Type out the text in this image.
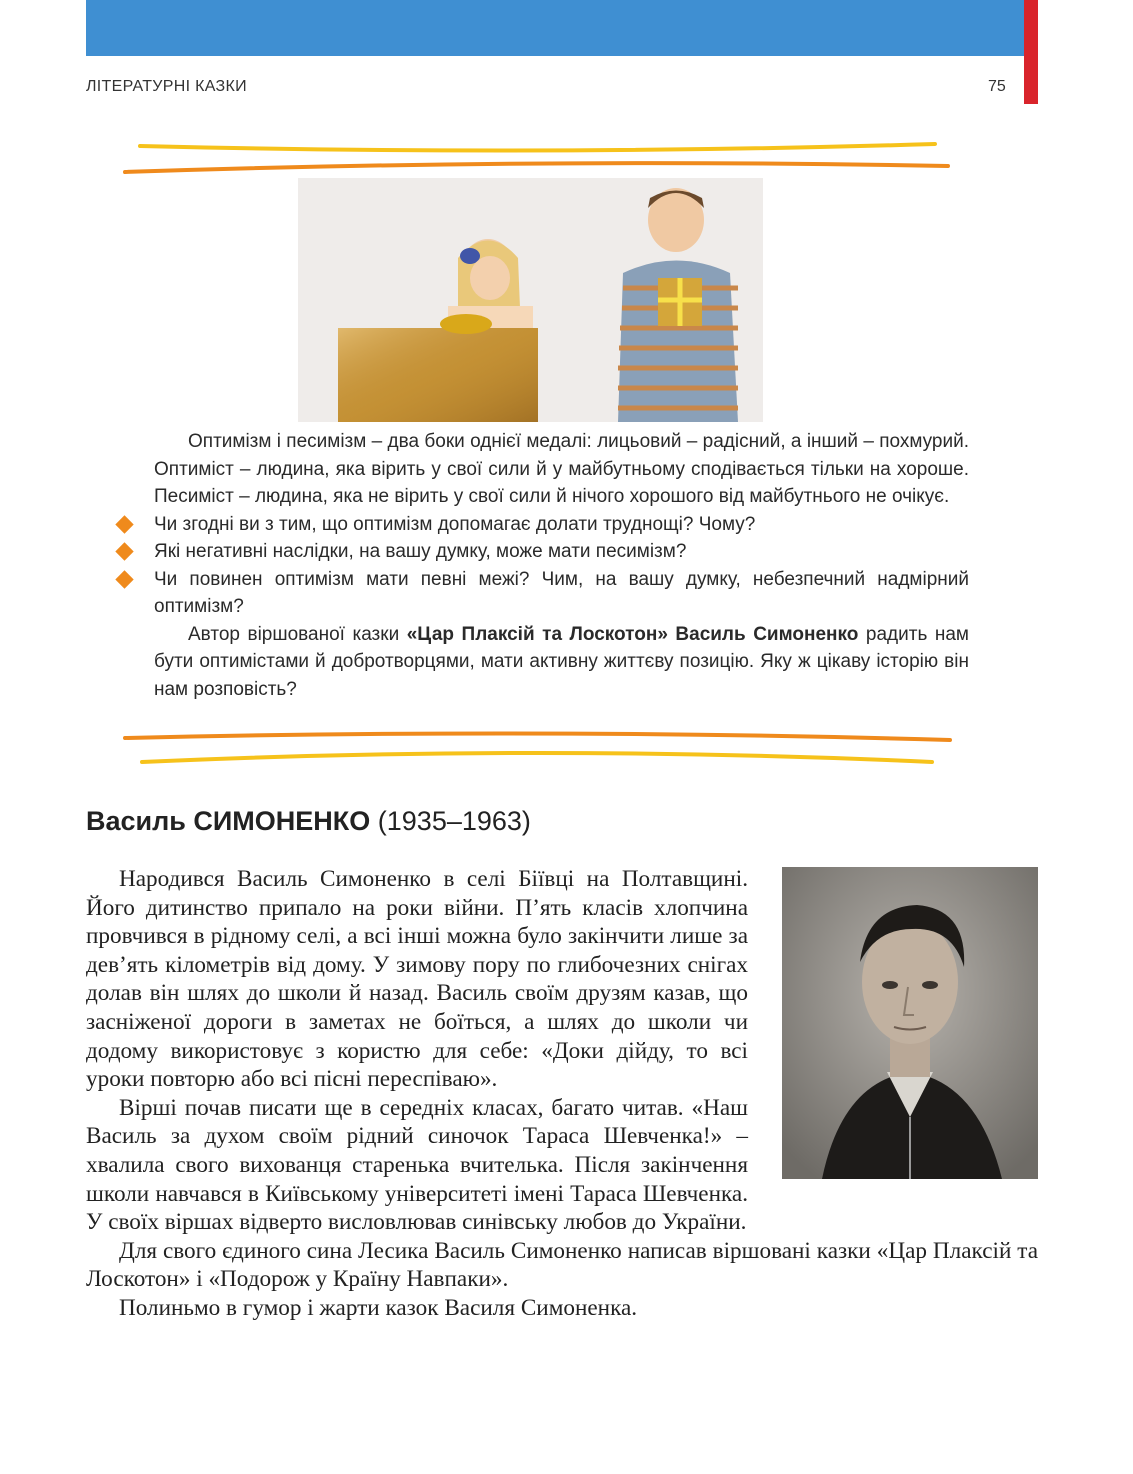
ЛІТЕРАТУРНІ КАЗКИ	75

Оптимізм і песимізм – два боки однієї медалі: лицьовий – радісний, а інший – похмурий. Оптиміст – людина, яка вірить у свої сили й у майбутньому сподівається тільки на хороше. Песиміст – людина, яка не вірить у свої сили й нічого хорошого від майбутнього не очікує.

Чи згодні ви з тим, що оптимізм допомагає долати труднощі? Чому?

Які негативні наслідки, на вашу думку, може мати песимізм?

Чи повинен оптимізм мати певні межі? Чим, на вашу думку, небезпечний надмірний оптимізм?

Автор віршованої казки «Цар Плаксій та Лоскотон» Василь Симоненко радить нам бути оптимістами й добротворцями, мати активну життєву позицію. Яку ж цікаву історію він нам розповість?

Василь СИМОНЕНКО (1935–1963)

Народився Василь Симоненко в селі Біївці на Полтавщині. Його дитинство припало на роки війни. П’ять класів хлопчина провчився в рідному селі, а всі інші можна було закінчити лише за дев’ять кілометрів від дому. У зимову пору по глибочезних снігах долав він шлях до школи й назад. Василь своїм друзям казав, що засніженої дороги в заметах не боїться, а шлях до школи чи додому використовує з користю для себе: «Доки дійду, то всі уроки повторю або всі пісні переспіваю».

Вірші почав писати ще в середніх класах, багато читав. «Наш Василь за духом своїм рідний синочок Тараса Шевченка!» – хвалила свого вихованця старенька вчителька. Після закінчення школи навчався в Київському університеті імені Тараса Шевченка. У своїх віршах відверто висловлював синівську любов до України.

Для свого єдиного сина Лесика Василь Симоненко написав віршовані казки «Цар Плаксій та Лоскотон» і «Подорож у Країну Навпаки».

Полиньмо в гумор і жарти казок Василя Симоненка.
